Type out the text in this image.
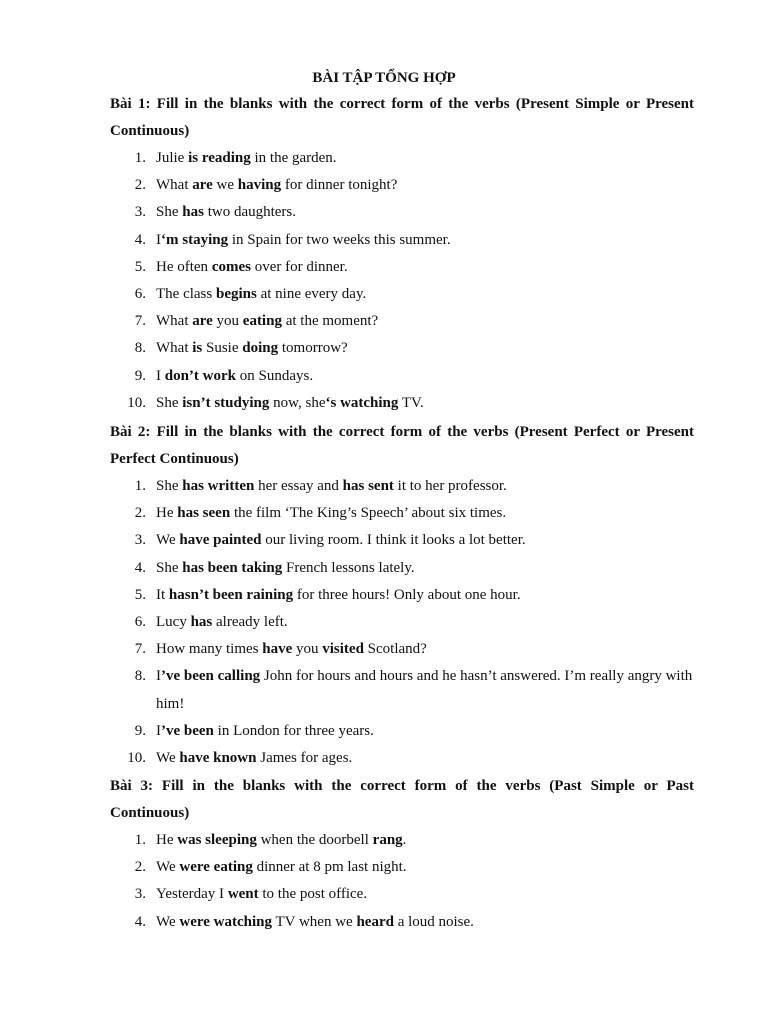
BÀI TẬP TỔNG HỢP

Bài 1: Fill in the blanks with the correct form of the verbs (Present Simple or Present Continuous)

1. Julie is reading in the garden.
2. What are we having for dinner tonight?
3. She has two daughters.
4. I‘m staying in Spain for two weeks this summer.
5. He often comes over for dinner.
6. The class begins at nine every day.
7. What are you eating at the moment?
8. What is Susie doing tomorrow?
9. I don’t work on Sundays.
10. She isn’t studying now, she‘s watching TV.

Bài 2: Fill in the blanks with the correct form of the verbs (Present Perfect or Present Perfect Continuous)

1. She has written her essay and has sent it to her professor.
2. He has seen the film ‘The King’s Speech’ about six times.
3. We have painted our living room. I think it looks a lot better.
4. She has been taking French lessons lately.
5. It hasn’t been raining for three hours! Only about one hour.
6. Lucy has already left.
7. How many times have you visited Scotland?
8. I’ve been calling John for hours and hours and he hasn’t answered. I’m really angry with him!
9. I’ve been in London for three years.
10. We have known James for ages.

Bài 3: Fill in the blanks with the correct form of the verbs (Past Simple or Past Continuous)

1. He was sleeping when the doorbell rang.
2. We were eating dinner at 8 pm last night.
3. Yesterday I went to the post office.
4. We were watching TV when we heard a loud noise.
